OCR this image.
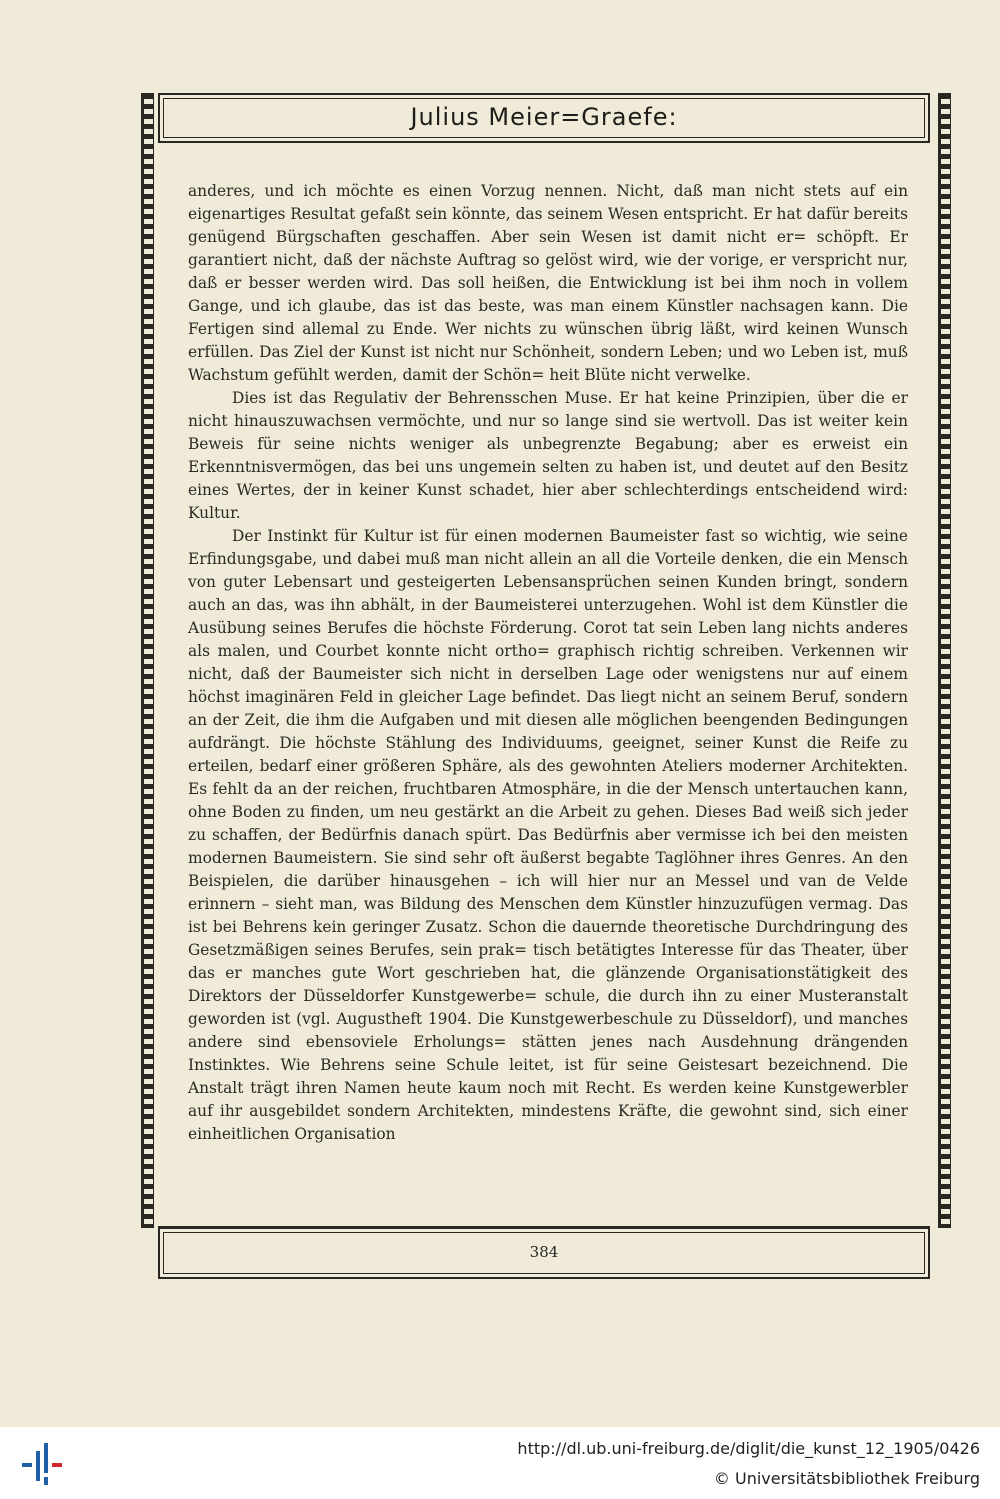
Julius Meier=Graefe:

anderes, und ich möchte es einen Vorzug nennen. Nicht, daß man nicht stets auf ein eigenartiges Resultat gefaßt sein könnte, das seinem Wesen entspricht. Er hat dafür bereits genügend Bürgschaften geschaffen. Aber sein Wesen ist damit nicht er= schöpft. Er garantiert nicht, daß der nächste Auftrag so gelöst wird, wie der vorige, er verspricht nur, daß er besser werden wird. Das soll heißen, die Entwicklung ist bei ihm noch in vollem Gange, und ich glaube, das ist das beste, was man einem Künstler nachsagen kann. Die Fertigen sind allemal zu Ende. Wer nichts zu wünschen übrig läßt, wird keinen Wunsch erfüllen. Das Ziel der Kunst ist nicht nur Schönheit, sondern Leben; und wo Leben ist, muß Wachstum gefühlt werden, damit der Schön= heit Blüte nicht verwelke.

Dies ist das Regulativ der Behrensschen Muse. Er hat keine Prinzipien, über die er nicht hinauszuwachsen vermöchte, und nur so lange sind sie wertvoll. Das ist weiter kein Beweis für seine nichts weniger als unbegrenzte Begabung; aber es erweist ein Erkenntnisvermögen, das bei uns ungemein selten zu haben ist, und deutet auf den Besitz eines Wertes, der in keiner Kunst schadet, hier aber schlechterdings entscheidend wird: Kultur.

Der Instinkt für Kultur ist für einen modernen Baumeister fast so wichtig, wie seine Erfindungsgabe, und dabei muß man nicht allein an all die Vorteile denken, die ein Mensch von guter Lebensart und gesteigerten Lebensansprüchen seinen Kunden bringt, sondern auch an das, was ihn abhält, in der Baumeisterei unterzugehen. Wohl ist dem Künstler die Ausübung seines Berufes die höchste Förderung. Corot tat sein Leben lang nichts anderes als malen, und Courbet konnte nicht ortho= graphisch richtig schreiben. Verkennen wir nicht, daß der Baumeister sich nicht in derselben Lage oder wenigstens nur auf einem höchst imaginären Feld in gleicher Lage befindet. Das liegt nicht an seinem Beruf, sondern an der Zeit, die ihm die Aufgaben und mit diesen alle möglichen beengenden Bedingungen aufdrängt. Die höchste Stählung des Individuums, geeignet, seiner Kunst die Reife zu erteilen, bedarf einer größeren Sphäre, als des gewohnten Ateliers moderner Architekten. Es fehlt da an der reichen, fruchtbaren Atmosphäre, in die der Mensch untertauchen kann, ohne Boden zu finden, um neu gestärkt an die Arbeit zu gehen. Dieses Bad weiß sich jeder zu schaffen, der Bedürfnis danach spürt. Das Bedürfnis aber vermisse ich bei den meisten modernen Baumeistern. Sie sind sehr oft äußerst begabte Taglöhner ihres Genres. An den Beispielen, die darüber hinausgehen – ich will hier nur an Messel und van de Velde erinnern – sieht man, was Bildung des Menschen dem Künstler hinzuzufügen vermag. Das ist bei Behrens kein geringer Zusatz. Schon die dauernde theoretische Durchdringung des Gesetzmäßigen seines Berufes, sein prak= tisch betätigtes Interesse für das Theater, über das er manches gute Wort geschrieben hat, die glänzende Organisationstätigkeit des Direktors der Düsseldorfer Kunstgewerbe= schule, die durch ihn zu einer Musteranstalt geworden ist (vgl. Augustheft 1904. Die Kunstgewerbeschule zu Düsseldorf), und manches andere sind ebensoviele Erholungs= stätten jenes nach Ausdehnung drängenden Instinktes. Wie Behrens seine Schule leitet, ist für seine Geistesart bezeichnend. Die Anstalt trägt ihren Namen heute kaum noch mit Recht. Es werden keine Kunstgewerbler auf ihr ausgebildet sondern Architekten, mindestens Kräfte, die gewohnt sind, sich einer einheitlichen Organisation

384
http://dl.ub.uni-freiburg.de/diglit/die_kunst_12_1905/0426
© Universitätsbibliothek Freiburg
